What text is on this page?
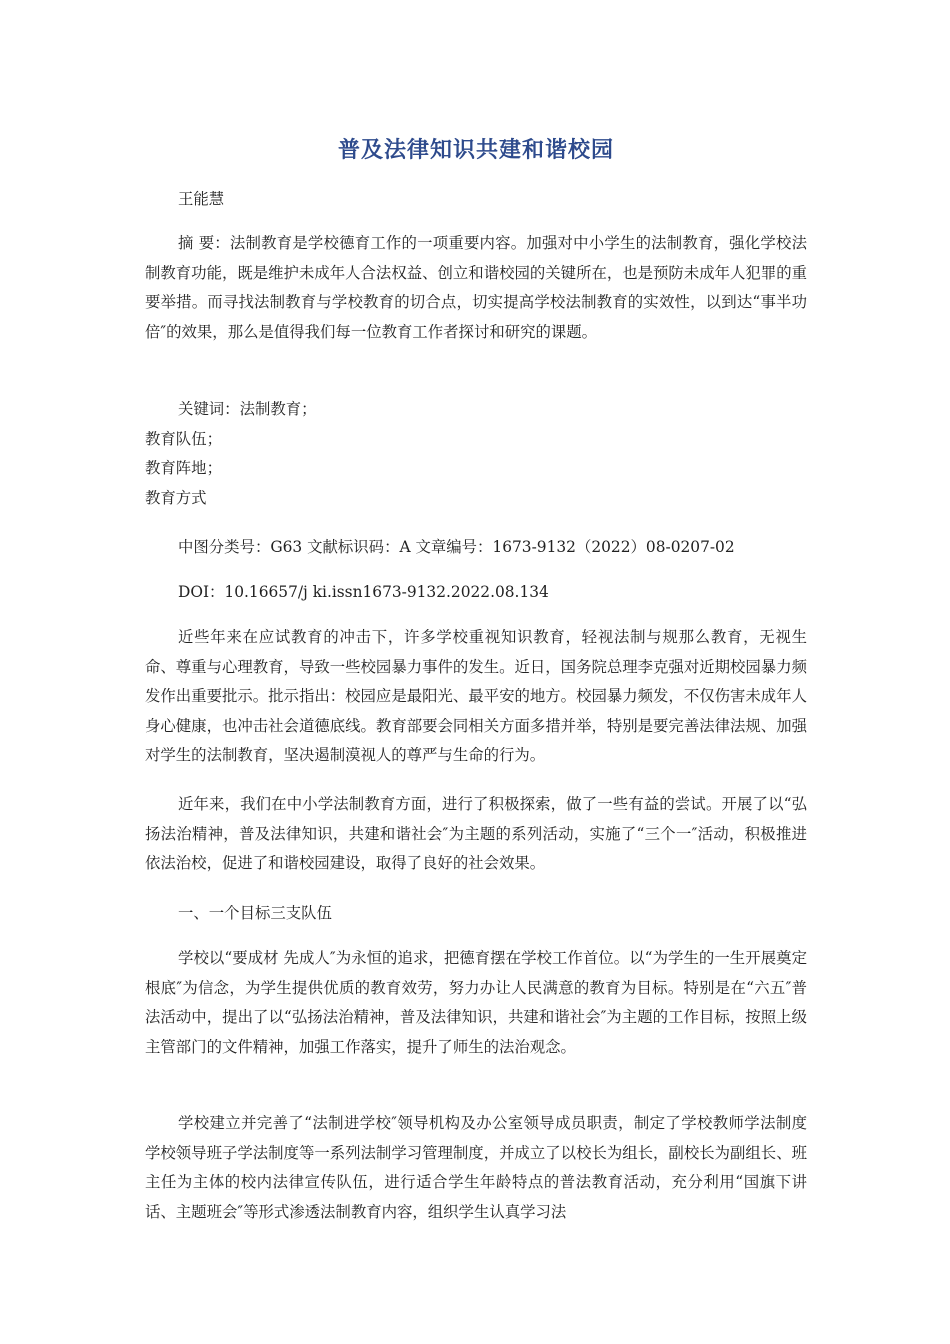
普及法律知识共建和谐校园

王能慧

摘 要：法制教育是学校德育工作的一项重要内容。加强对中小学生的法制教育，强化学校法制教育功能，既是维护未成年人合法权益、创立和谐校园的关键所在，也是预防未成年人犯罪的重要举措。而寻找法制教育与学校教育的切合点，切实提高学校法制教育的实效性，以到达“事半功倍″的效果，那么是值得我们每一位教育工作者探讨和研究的课题。

关键词：法制教育；
教育队伍；
教育阵地；
教育方式

中图分类号：G63 文献标识码：A 文章编号：1673-9132（2022）08-0207-02

DOI：10.16657/j ki.issn1673-9132.2022.08.134

近些年来在应试教育的冲击下，许多学校重视知识教育，轻视法制与规那么教育，无视生命、尊重与心理教育，导致一些校园暴力事件的发生。近日，国务院总理李克强对近期校园暴力频发作出重要批示。批示指出：校园应是最阳光、最平安的地方。校园暴力频发，不仅伤害未成年人身心健康，也冲击社会道德底线。教育部要会同相关方面多措并举，特别是要完善法律法规、加强对学生的法制教育，坚决遏制漠视人的尊严与生命的行为。

近年来，我们在中小学法制教育方面，进行了积极探索，做了一些有益的尝试。开展了以“弘扬法治精神，普及法律知识，共建和谐社会″为主题的系列活动，实施了“三个一″活动，积极推进依法治校，促进了和谐校园建设，取得了良好的社会效果。

一、一个目标三支队伍

学校以“要成材 先成人″为永恒的追求，把德育摆在学校工作首位。以“为学生的一生开展奠定根底″为信念，为学生提供优质的教育效劳，努力办让人民满意的教育为目标。特别是在“六五″普法活动中，提出了以“弘扬法治精神，普及法律知识，共建和谐社会″为主题的工作目标，按照上级主管部门的文件精神，加强工作落实，提升了师生的法治观念。

学校建立并完善了“法制进学校″领导机构及办公室领导成员职责，制定了学校教师学法制度学校领导班子学法制度等一系列法制学习管理制度，并成立了以校长为组长，副校长为副组长、班主任为主体的校内法律宣传队伍，进行适合学生年龄特点的普法教育活动，充分利用“国旗下讲话、主题班会″等形式渗透法制教育内容，组织学生认真学习法
